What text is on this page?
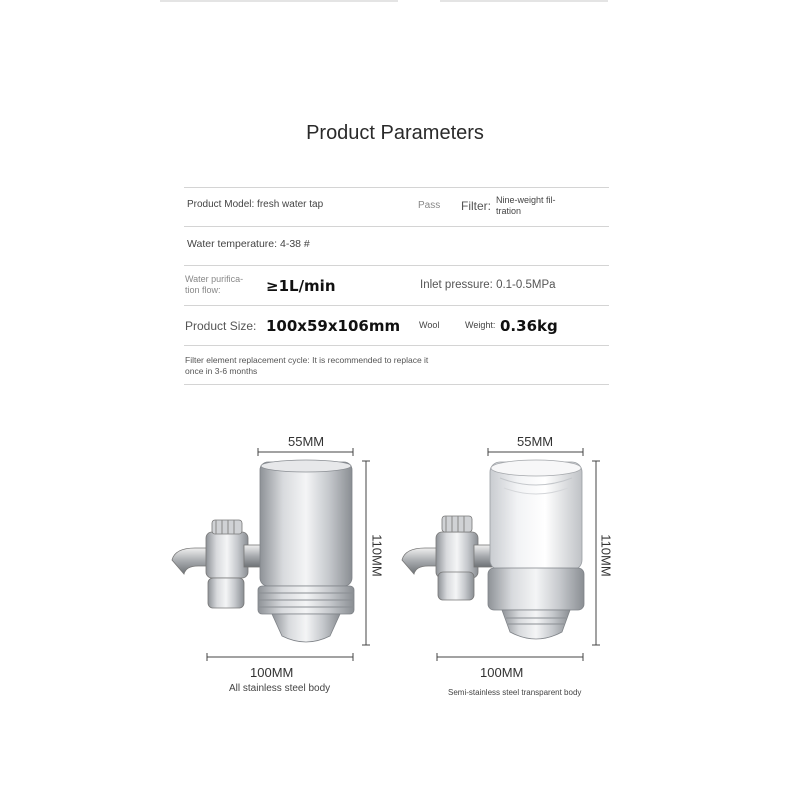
Product Parameters
Product Model: fresh water tap	Pass Filter: Nine-weight fil-tration
Water temperature: 4-38 #
Water purifica-tion flow:	≥1L/min	Inlet pressure: 0.1-0.5MPa
Product Size: 100x59x106mm Wool	Weight: 0.36kg
Filter element replacement cycle: It is recommended to replace it once in 3-6 months
55MM
110MM
100MM
All stainless steel body
55MM
110MM
100MM
Semi-stainless steel transparent body
